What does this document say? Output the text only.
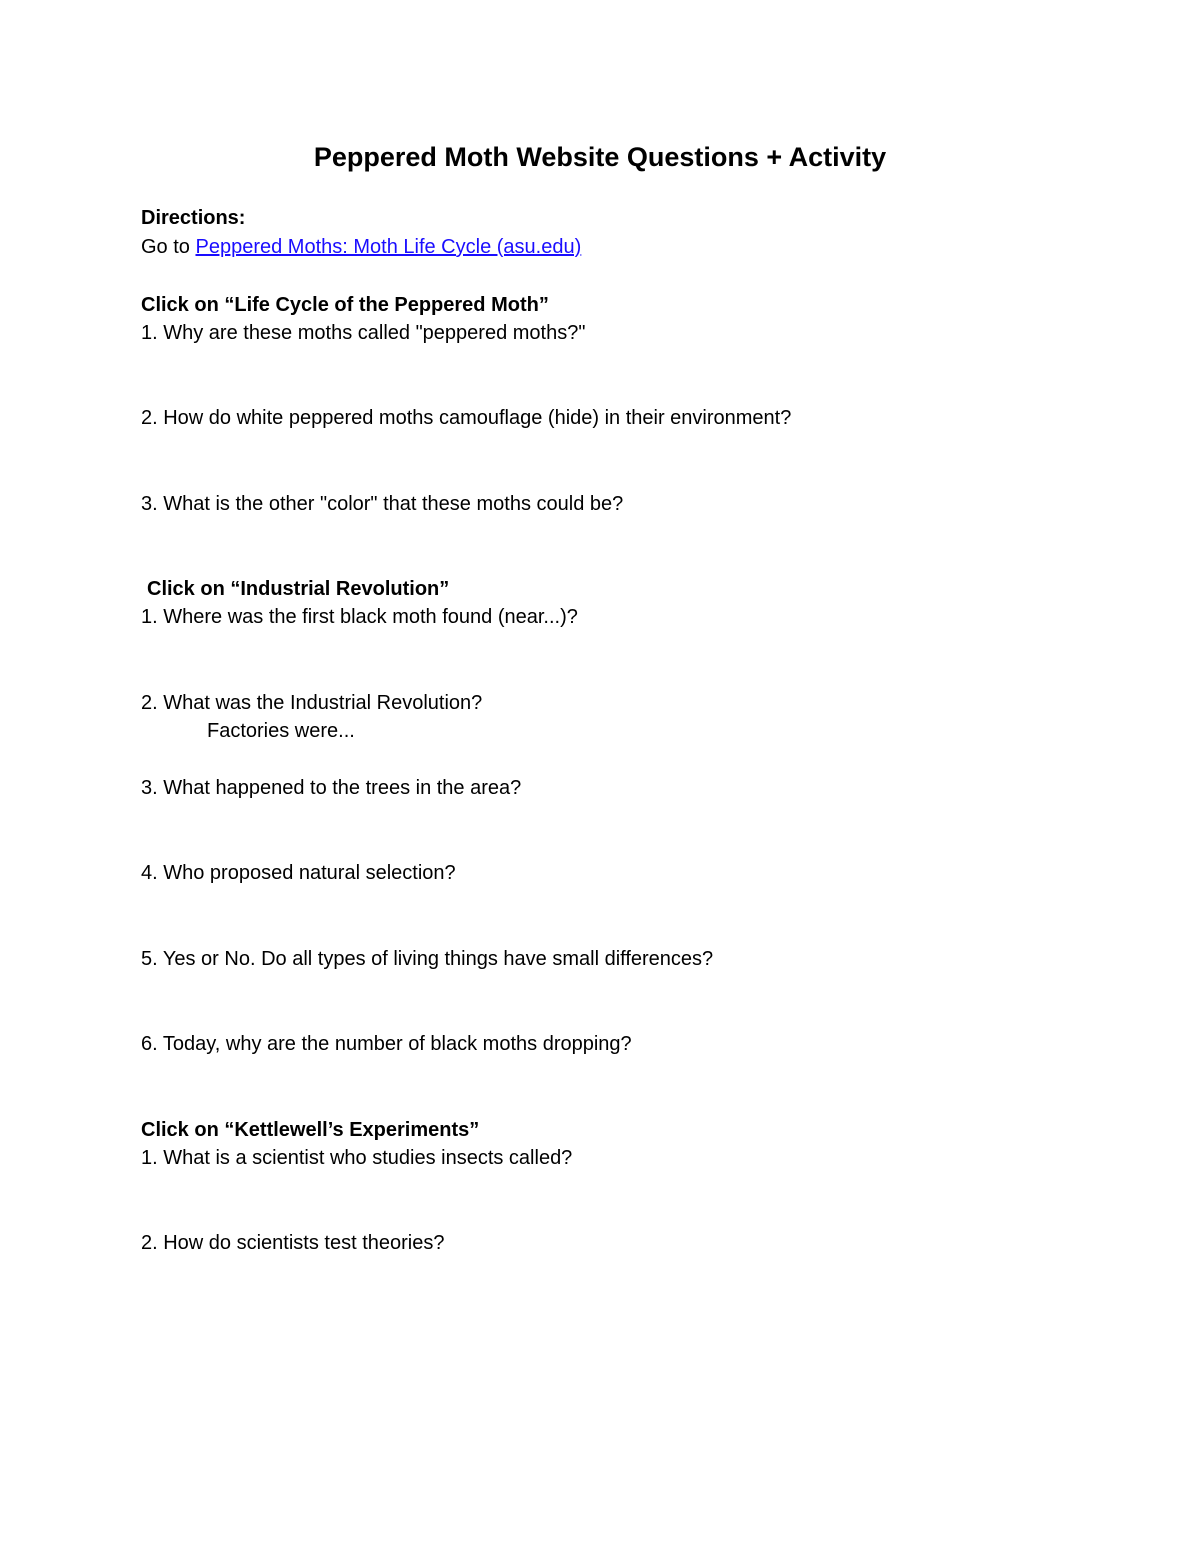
Peppered Moth Website Questions + Activity
Directions:
Go to Peppered Moths: Moth Life Cycle (asu.edu)
Click on “Life Cycle of the Peppered Moth”
1. Why are these moths called "peppered moths?"
2. How do white peppered moths camouflage (hide) in their environment?
3. What is the other "color" that these moths could be?
Click on “Industrial Revolution”
1. Where was the first black moth found (near...)?
2. What was the Industrial Revolution?
Factories were...
3. What happened to the trees in the area?
4. Who proposed natural selection?
5. Yes or No. Do all types of living things have small differences?
6. Today, why are the number of black moths dropping?
Click on “Kettlewell’s Experiments”
1. What is a scientist who studies insects called?
2. How do scientists test theories?
